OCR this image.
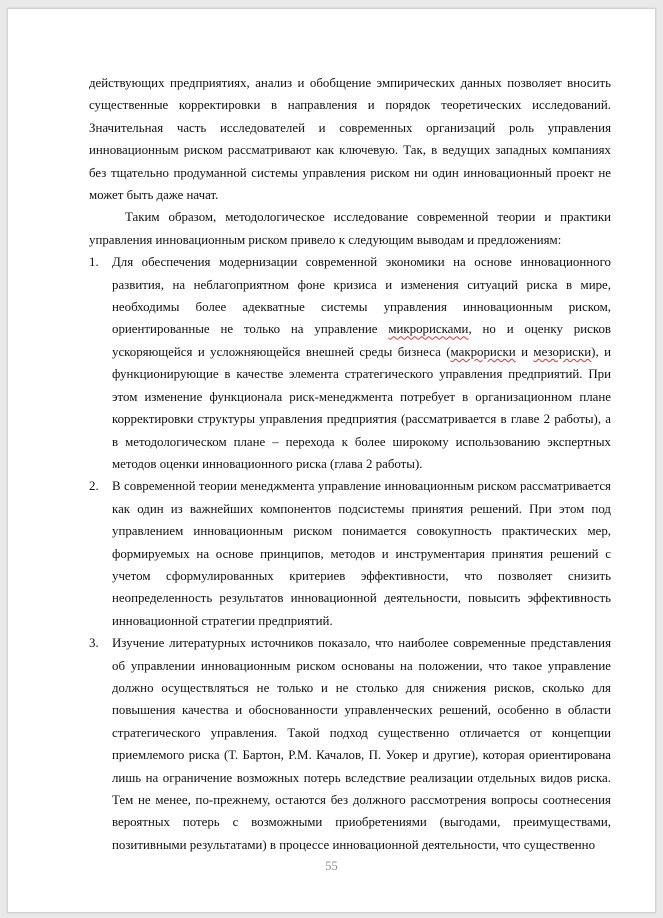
действующих предприятиях, анализ и обобщение эмпирических данных позволяет вносить существенные корректировки в направления и порядок теоретических исследований. Значительная часть исследователей и современных организаций роль управления инновационным риском рассматривают как ключевую. Так, в ведущих западных компаниях без тщательно продуманной системы управления риском ни один инновационный проект не может быть даже начат.

Таким образом, методологическое исследование современной теории и практики управления инновационным риском привело к следующим выводам и предложениям:

1. Для обеспечения модернизации современной экономики на основе инновационного развития, на неблагоприятном фоне кризиса и изменения ситуаций риска в мире, необходимы более адекватные системы управления инновационным риском, ориентированные не только на управление микрорисками, но и оценку рисков ускоряющейся и усложняющейся внешней среды бизнеса (макрориски и мезориски), и функционирующие в качестве элемента стратегического управления предприятий. При этом изменение функционала риск-менеджмента потребует в организационном плане корректировки структуры управления предприятия (рассматривается в главе 2 работы), а в методологическом плане – перехода к более широкому использованию экспертных методов оценки инновационного риска (глава 2 работы).
2. В современной теории менеджмента управление инновационным риском рассматривается как один из важнейших компонентов подсистемы принятия решений. При этом под управлением инновационным риском понимается совокупность практических мер, формируемых на основе принципов, методов и инструментария принятия решений с учетом сформулированных критериев эффективности, что позволяет снизить неопределенность результатов инновационной деятельности, повысить эффективность инновационной стратегии предприятий.
3. Изучение литературных источников показало, что наиболее современные представления об управлении инновационным риском основаны на положении, что такое управление должно осуществляться не только и не столько для снижения рисков, сколько для повышения качества и обоснованности управленческих решений, особенно в области стратегического управления. Такой подход существенно отличается от концепции приемлемого риска (Т. Бартон, Р.М. Качалов, П. Уокер и другие), которая ориентирована лишь на ограничение возможных потерь вследствие реализации отдельных видов риска. Тем не менее, по-прежнему, остаются без должного рассмотрения вопросы соотнесения вероятных потерь с возможными приобретениями (выгодами, преимуществами, позитивными результатами) в процессе инновационной деятельности, что существенно
55
